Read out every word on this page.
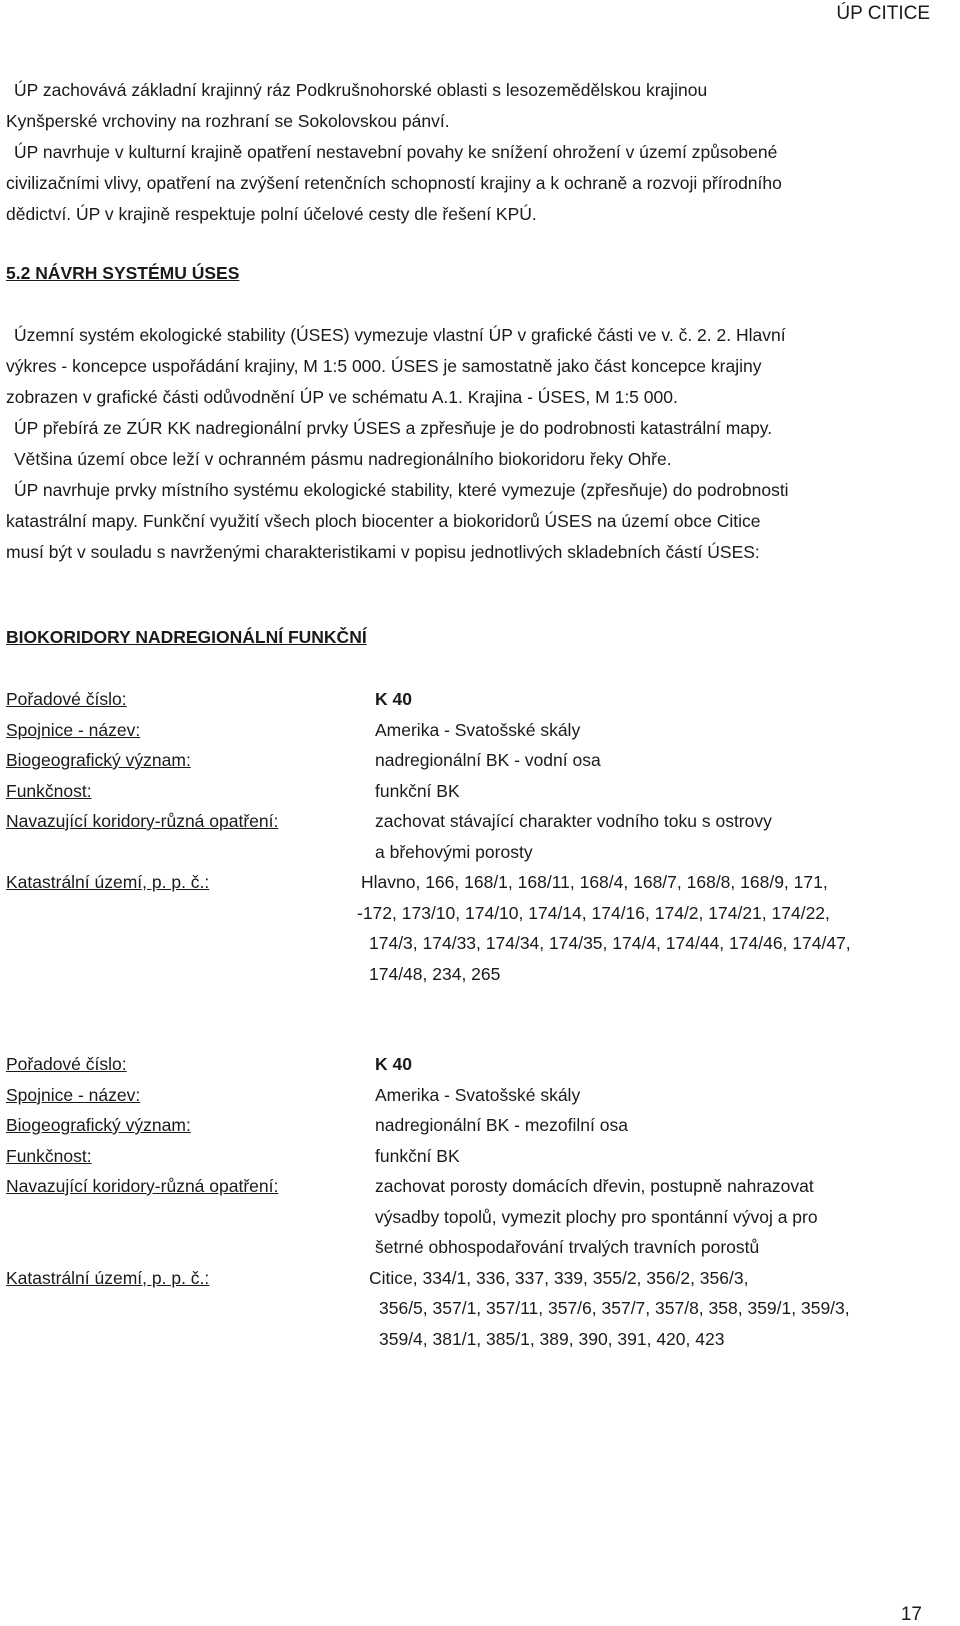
ÚP CITICE
ÚP zachovává základní krajinný ráz Podkrušnohorské oblasti s lesozemědělskou krajinou
Kynšperské vrchoviny na rozhraní se Sokolovskou pánví.
ÚP navrhuje v kulturní krajině opatření nestavební povahy ke snížení ohrožení v území způsobené
civilizačními vlivy, opatření na zvýšení retenčních schopností krajiny a k ochraně a rozvoji přírodního
dědictví. ÚP v krajině respektuje polní účelové cesty dle řešení KPÚ.
5.2 NÁVRH SYSTÉMU ÚSES
Územní systém ekologické stability (ÚSES) vymezuje vlastní ÚP v grafické části ve v. č. 2. 2. Hlavní
výkres - koncepce uspořádání krajiny, M 1:5 000. ÚSES je samostatně jako část koncepce krajiny
zobrazen v grafické části odůvodnění ÚP ve schématu A.1. Krajina - ÚSES, M 1:5 000.
ÚP přebírá ze ZÚR KK nadregionální prvky ÚSES a zpřesňuje je do podrobnosti katastrální mapy.
Většina území obce leží v ochranném pásmu nadregionálního biokoridoru řeky Ohře.
ÚP navrhuje prvky místního systému ekologické stability, které vymezuje (zpřesňuje) do podrobnosti
katastrální mapy. Funkční využití všech ploch biocenter a biokoridorů ÚSES na území obce Citice
musí být v souladu s navrženými charakteristikami v popisu jednotlivých skladebních částí ÚSES:
BIOKORIDORY NADREGIONÁLNÍ FUNKČNÍ
Pořadové číslo:	K 40
Spojnice - název:	Amerika - Svatošské skály
Biogeografický význam:	nadregionální BK - vodní osa
Funkčnost:	funkční BK
Navazující koridory-různá opatření:	zachovat stávající charakter vodního toku s ostrovy
a břehovými porosty
Katastrální území, p. p. č.:	Hlavno, 166, 168/1, 168/11, 168/4, 168/7, 168/8, 168/9, 171,
-172, 173/10, 174/10, 174/14, 174/16, 174/2, 174/21, 174/22,
174/3, 174/33, 174/34, 174/35, 174/4, 174/44, 174/46, 174/47,
174/48, 234, 265
Pořadové číslo:	K 40
Spojnice - název:	Amerika - Svatošské skály
Biogeografický význam:	nadregionální BK - mezofilní osa
Funkčnost:	funkční BK
Navazující koridory-různá opatření:	zachovat porosty domácích dřevin, postupně nahrazovat
výsadby topolů, vymezit plochy pro spontánní vývoj a pro
šetrné obhospodařování trvalých travních porostů
Katastrální území, p. p. č.:	Citice, 334/1, 336, 337, 339, 355/2, 356/2, 356/3,
356/5, 357/1, 357/11, 357/6, 357/7, 357/8, 358, 359/1, 359/3,
359/4, 381/1, 385/1, 389, 390, 391, 420, 423
17
